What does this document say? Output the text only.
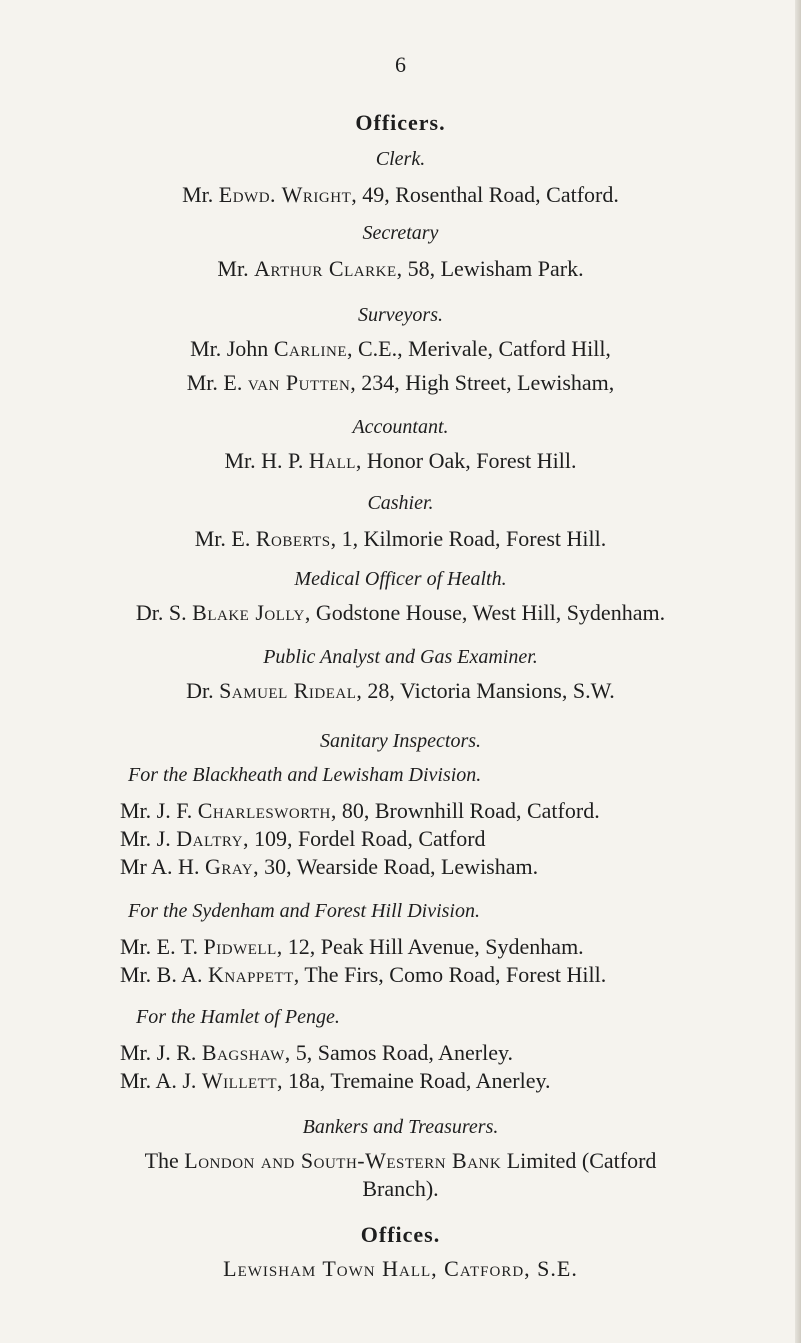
6
Officers.
Clerk.
Mr. Edwd. Wright, 49, Rosenthal Road, Catford.
Secretary
Mr. Arthur Clarke, 58, Lewisham Park.
Surveyors.
Mr. John Carline, C.E., Merivale, Catford Hill,
Mr. E. van Putten, 234, High Street, Lewisham,
Accountant.
Mr. H. P. Hall, Honor Oak, Forest Hill.
Cashier.
Mr. E. Roberts, 1, Kilmorie Road, Forest Hill.
Medical Officer of Health.
Dr. S. Blake Jolly, Godstone House, West Hill, Sydenham.
Public Analyst and Gas Examiner.
Dr. Samuel Rideal, 28, Victoria Mansions, S.W.
Sanitary Inspectors.
For the Blackheath and Lewisham Division.
Mr. J. F. Charlesworth, 80, Brownhill Road, Catford.
Mr. J. Daltry, 109, Fordel Road, Catford
Mr A. H. Gray, 30, Wearside Road, Lewisham.
For the Sydenham and Forest Hill Division.
Mr. E. T. Pidwell, 12, Peak Hill Avenue, Sydenham.
Mr. B. A. Knappett, The Firs, Como Road, Forest Hill.
For the Hamlet of Penge.
Mr. J. R. Bagshaw, 5, Samos Road, Anerley.
Mr. A. J. Willett, 18a, Tremaine Road, Anerley.
Bankers and Treasurers.
The London and South-Western Bank Limited (Catford
Branch).
Offices.
Lewisham Town Hall, Catford, S.E.
